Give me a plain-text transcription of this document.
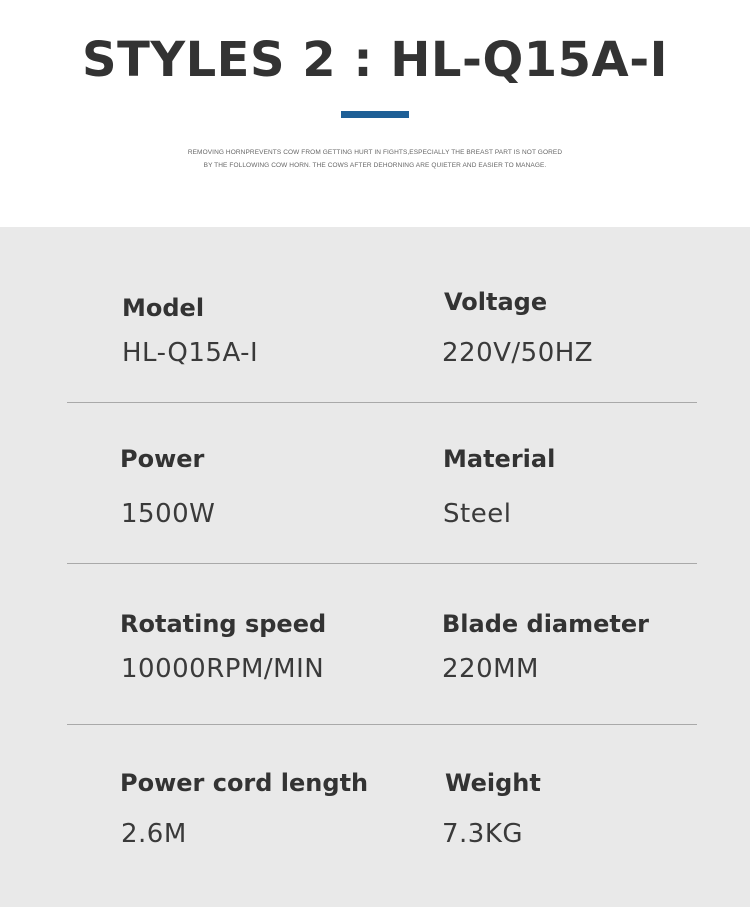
STYLES 2 : HL-Q15A-I

REMOVING HORNPREVENTS COW FROM GETTING HURT IN FIGHTS,ESPECIALLY THE BREAST PART IS NOT GORED
BY THE FOLLOWING COW HORN. THE COWS AFTER DEHORNING ARE QUIETER AND EASIER TO MANAGE.

Model
HL-Q15A-I
Voltage
220V/50HZ
Power
1500W
Material
Steel
Rotating speed
10000RPM/MIN
Blade diameter
220MM
Power cord length
2.6M
Weight
7.3KG
